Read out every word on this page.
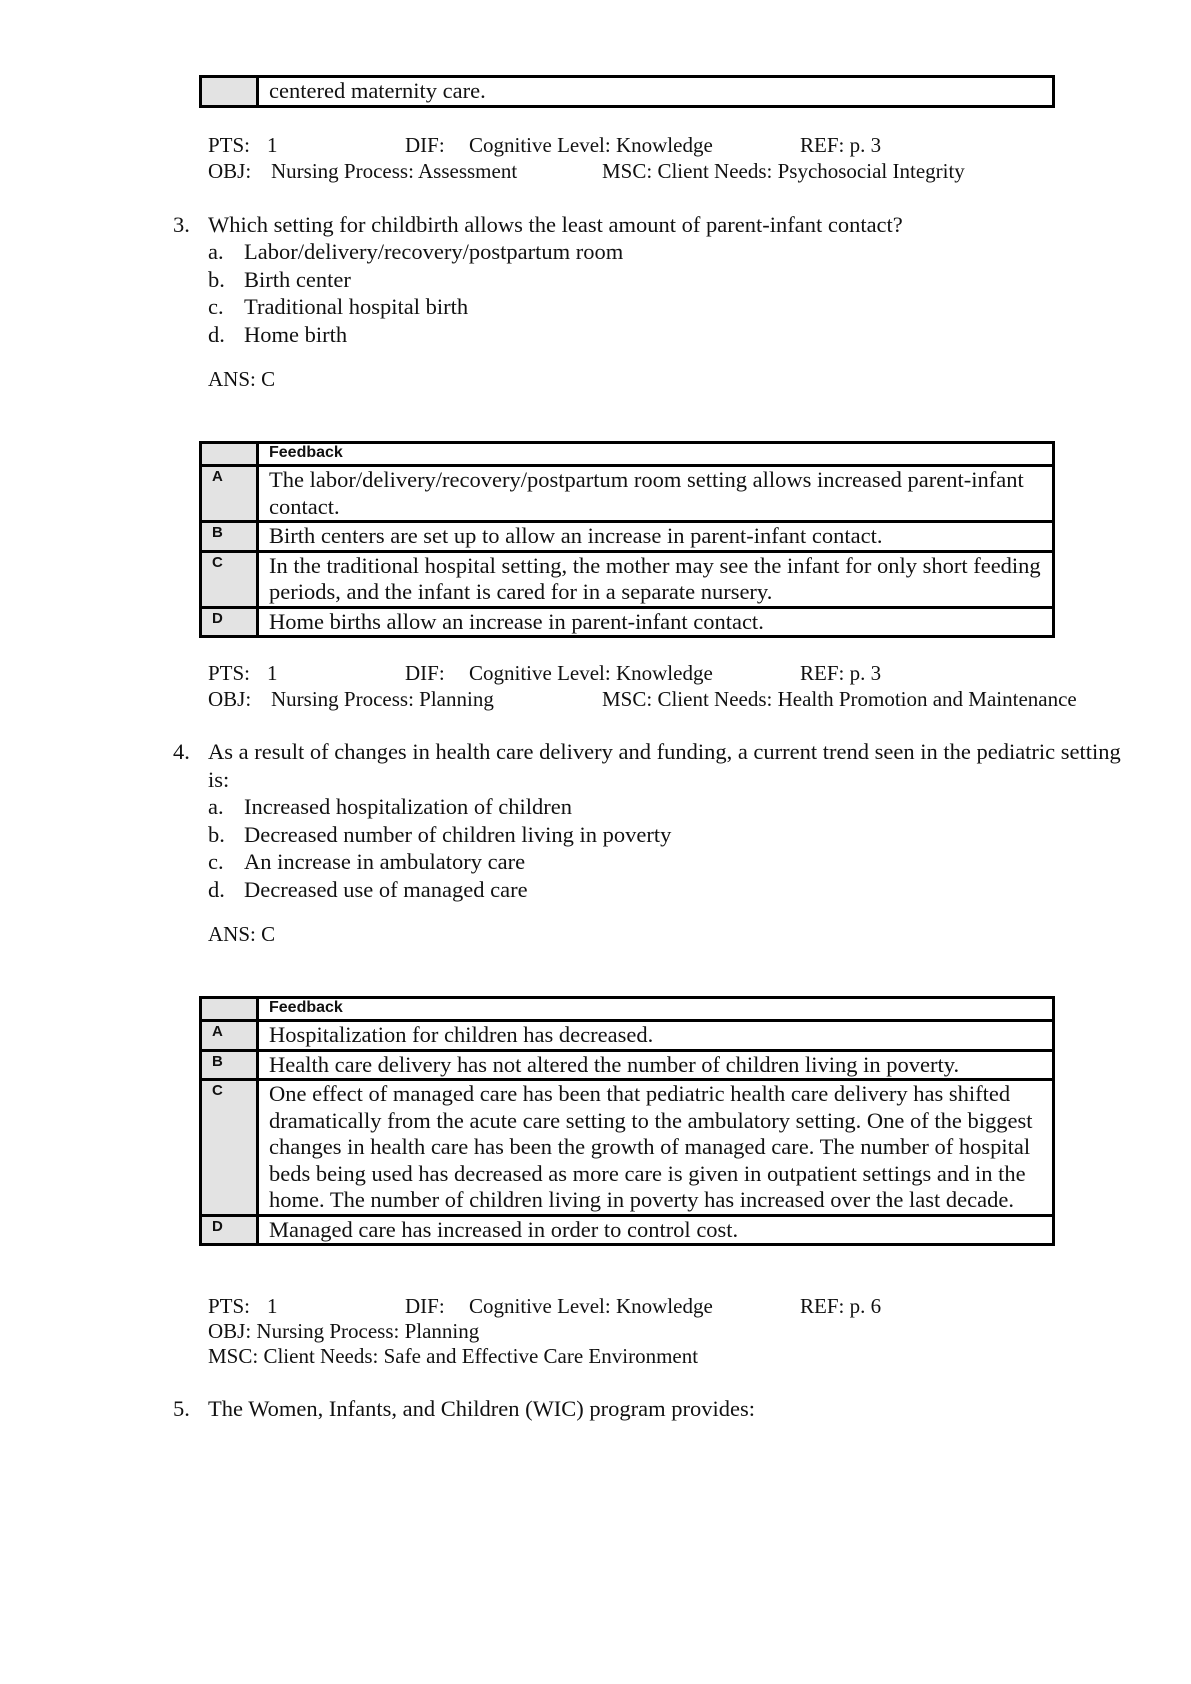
	centered maternity care.
PTS: 1	DIF: Cognitive Level: Knowledge	REF: p. 3
OBJ: Nursing Process: Assessment	MSC: Client Needs: Psychosocial Integrity
3. Which setting for childbirth allows the least amount of parent-infant contact?
a. Labor/delivery/recovery/postpartum room
b. Birth center
c. Traditional hospital birth
d. Home birth
ANS: C
	Feedback
A	The labor/delivery/recovery/postpartum room setting allows increased parent-infant contact.
B	Birth centers are set up to allow an increase in parent-infant contact.
C	In the traditional hospital setting, the mother may see the infant for only short feeding periods, and the infant is cared for in a separate nursery.
D	Home births allow an increase in parent-infant contact.
PTS: 1	DIF: Cognitive Level: Knowledge	REF: p. 3
OBJ: Nursing Process: Planning	MSC: Client Needs: Health Promotion and Maintenance
4. As a result of changes in health care delivery and funding, a current trend seen in the pediatric setting is:
a. Increased hospitalization of children
b. Decreased number of children living in poverty
c. An increase in ambulatory care
d. Decreased use of managed care
ANS: C
	Feedback
A	Hospitalization for children has decreased.
B	Health care delivery has not altered the number of children living in poverty.
C	One effect of managed care has been that pediatric health care delivery has shifted dramatically from the acute care setting to the ambulatory setting. One of the biggest changes in health care has been the growth of managed care. The number of hospital beds being used has decreased as more care is given in outpatient settings and in the home. The number of children living in poverty has increased over the last decade.
D	Managed care has increased in order to control cost.
PTS: 1	DIF: Cognitive Level: Knowledge	REF: p. 6
OBJ: Nursing Process: Planning
MSC: Client Needs: Safe and Effective Care Environment
5. The Women, Infants, and Children (WIC) program provides:
